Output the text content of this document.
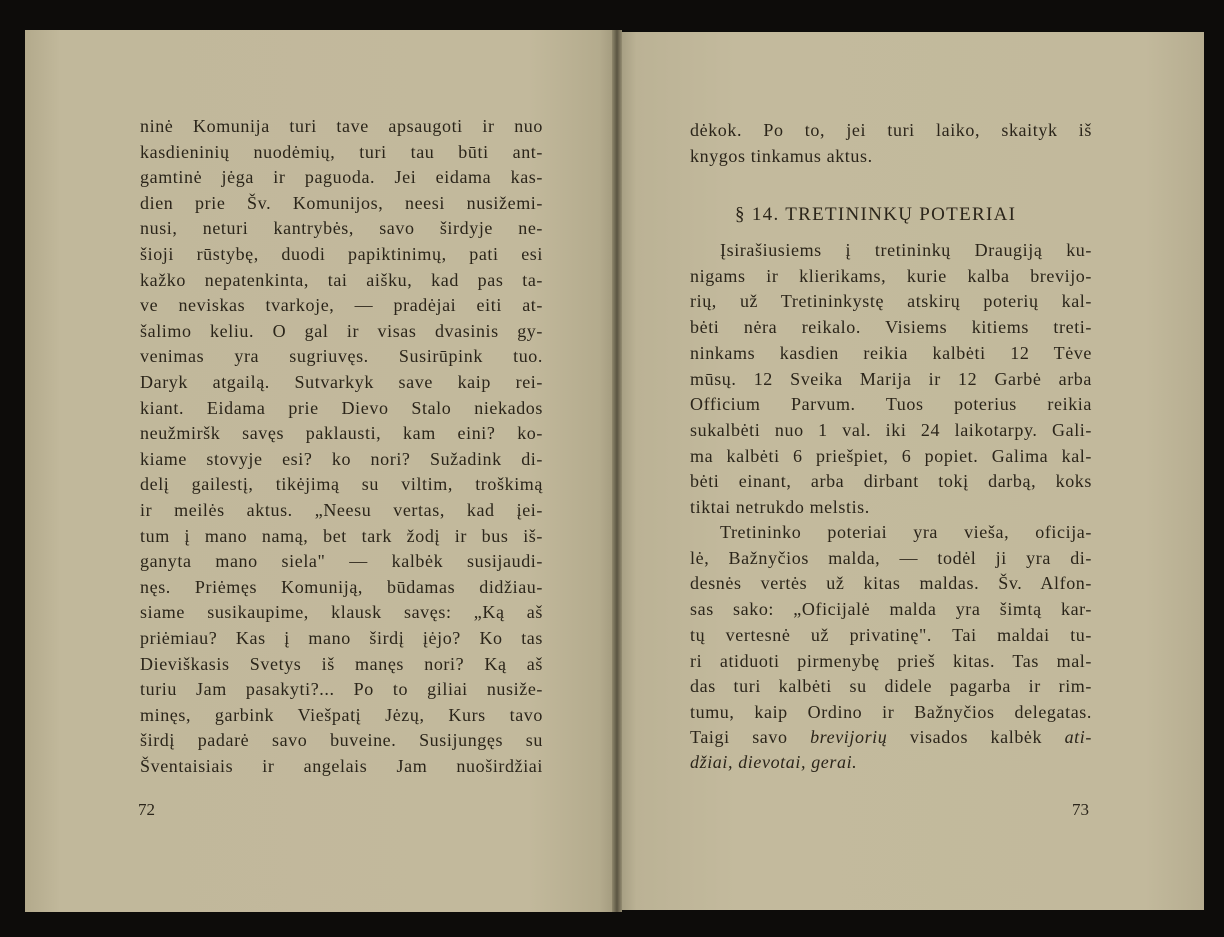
ninė Komunija turi tave apsaugoti ir nuo
kasdieninių nuodėmių, turi tau būti ant-
gamtinė jėga ir paguoda. Jei eidama kas-
dien prie Šv. Komunijos, neesi nusižemi-
nusi, neturi kantrybės, savo širdyje ne-
šioji rūstybę, duodi papiktinimų, pati esi
kažko nepatenkinta, tai aišku, kad pas ta-
ve neviskas tvarkoje, — pradėjai eiti at-
šalimo keliu. O gal ir visas dvasinis gy-
venimas yra sugriuvęs. Susirūpink tuo.
Daryk atgailą. Sutvarkyk save kaip rei-
kiant. Eidama prie Dievo Stalo niekados
neužmiršk savęs paklausti, kam eini? ko-
kiame stovyje esi? ko nori? Sužadink di-
delį gailestį, tikėjimą su viltim, troškimą
ir meilės aktus. „Neesu vertas, kad įei-
tum į mano namą, bet tark žodį ir bus iš-
ganyta mano siela" — kalbėk susijaudi-
nęs. Priėmęs Komuniją, būdamas didžiau-
siame susikaupime, klausk savęs: „Ką aš
priėmiau? Kas į mano širdį įėjo? Ko tas
Dieviškasis Svetys iš manęs nori? Ką aš
turiu Jam pasakyti?... Po to giliai nusiže-
minęs, garbink Viešpatį Jėzų, Kurs tavo
širdį padarė savo buveine. Susijungęs su
Šventaisiais ir angelais Jam nuoširdžiai
dėkok. Po to, jei turi laiko, skaityk iš
knygos tinkamus aktus.
Įsirašiusiems į tretininkų Draugiją ku-
nigams ir klierikams, kurie kalba brevijo-
rių, už Tretininkystę atskirų poterių kal-
bėti nėra reikalo. Visiems kitiems treti-
ninkams kasdien reikia kalbėti 12 Tėve
mūsų. 12 Sveika Marija ir 12 Garbė arba
Officium Parvum. Tuos poterius reikia
sukalbėti nuo 1 val. iki 24 laikotarpy. Gali-
ma kalbėti 6 priešpiet, 6 popiet. Galima kal-
bėti einant, arba dirbant tokį darbą, koks
tiktai netrukdo melstis.
Tretininko poteriai yra vieša, oficija-
lė, Bažnyčios malda, — todėl ji yra di-
desnės vertės už kitas maldas. Šv. Alfon-
sas sako: „Oficijalė malda yra šimtą kar-
tų vertesnė už privatinę". Tai maldai tu-
ri atiduoti pirmenybę prieš kitas. Tas mal-
das turi kalbėti su didele pagarba ir rim-
tumu, kaip Ordino ir Bažnyčios delegatas.
§ 14. TRETININKŲ POTERIAI
Taigi savo brevijorių visados kalbėk ati-
džiai, dievotai, gerai.
72	73
